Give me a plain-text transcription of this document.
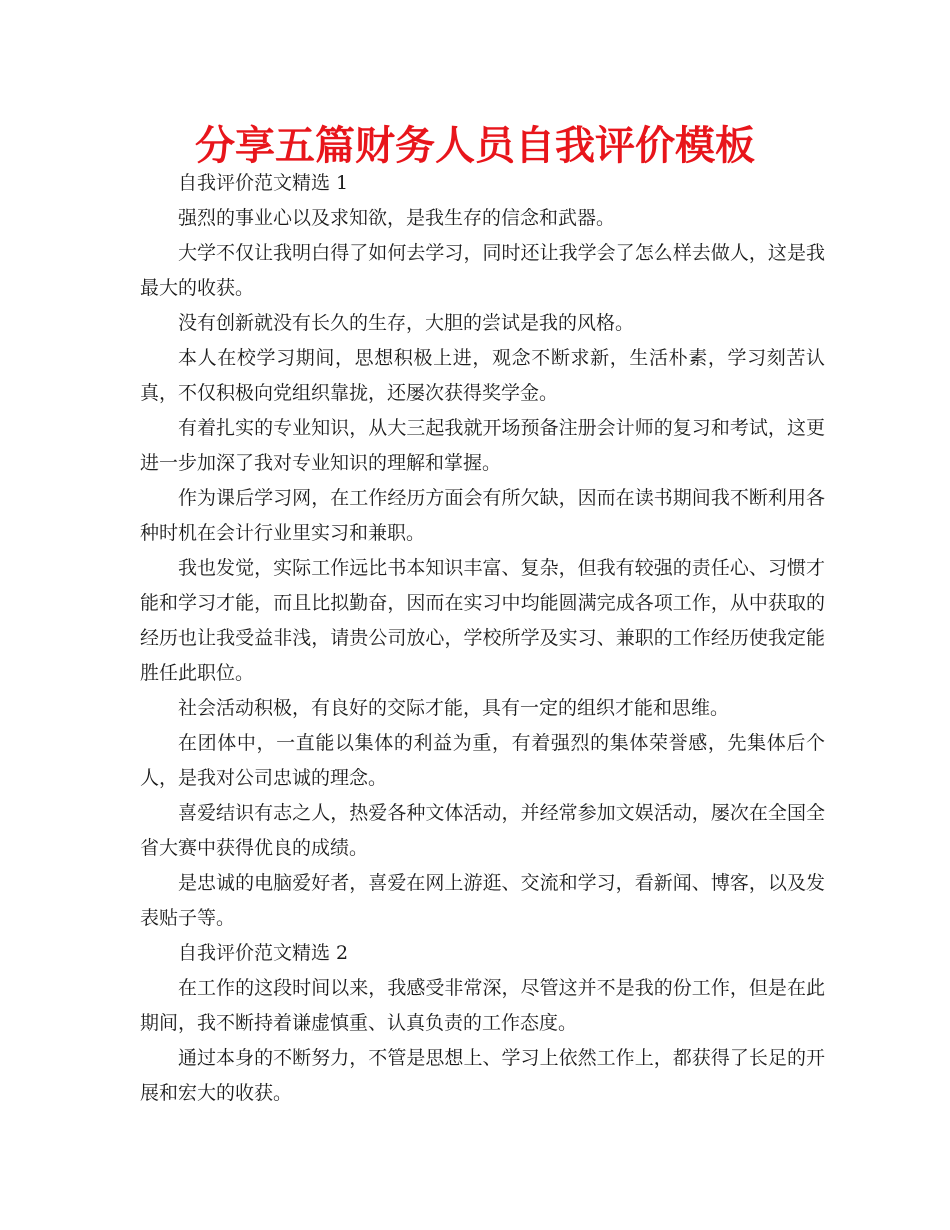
分享五篇财务人员自我评价模板

自我评价范文精选 1

强烈的事业心以及求知欲，是我生存的信念和武器。

大学不仅让我明白得了如何去学习，同时还让我学会了怎么样去做人，这是我最大的收获。

没有创新就没有长久的生存，大胆的尝试是我的风格。

本人在校学习期间，思想积极上进，观念不断求新，生活朴素，学习刻苦认真，不仅积极向党组织靠拢，还屡次获得奖学金。

有着扎实的专业知识，从大三起我就开场预备注册会计师的复习和考试，这更进一步加深了我对专业知识的理解和掌握。

作为课后学习网，在工作经历方面会有所欠缺，因而在读书期间我不断利用各种时机在会计行业里实习和兼职。

我也发觉，实际工作远比书本知识丰富、复杂，但我有较强的责任心、习惯才能和学习才能，而且比拟勤奋，因而在实习中均能圆满完成各项工作，从中获取的经历也让我受益非浅，请贵公司放心，学校所学及实习、兼职的工作经历使我定能胜任此职位。

社会活动积极，有良好的交际才能，具有一定的组织才能和思维。

在团体中，一直能以集体的利益为重，有着强烈的集体荣誉感，先集体后个人，是我对公司忠诚的理念。

喜爱结识有志之人，热爱各种文体活动，并经常参加文娱活动，屡次在全国全省大赛中获得优良的成绩。

是忠诚的电脑爱好者，喜爱在网上游逛、交流和学习，看新闻、博客，以及发表贴子等。

自我评价范文精选 2

在工作的这段时间以来，我感受非常深，尽管这并不是我的份工作，但是在此期间，我不断持着谦虚慎重、认真负责的工作态度。

通过本身的不断努力，不管是思想上、学习上依然工作上，都获得了长足的开展和宏大的收获。
